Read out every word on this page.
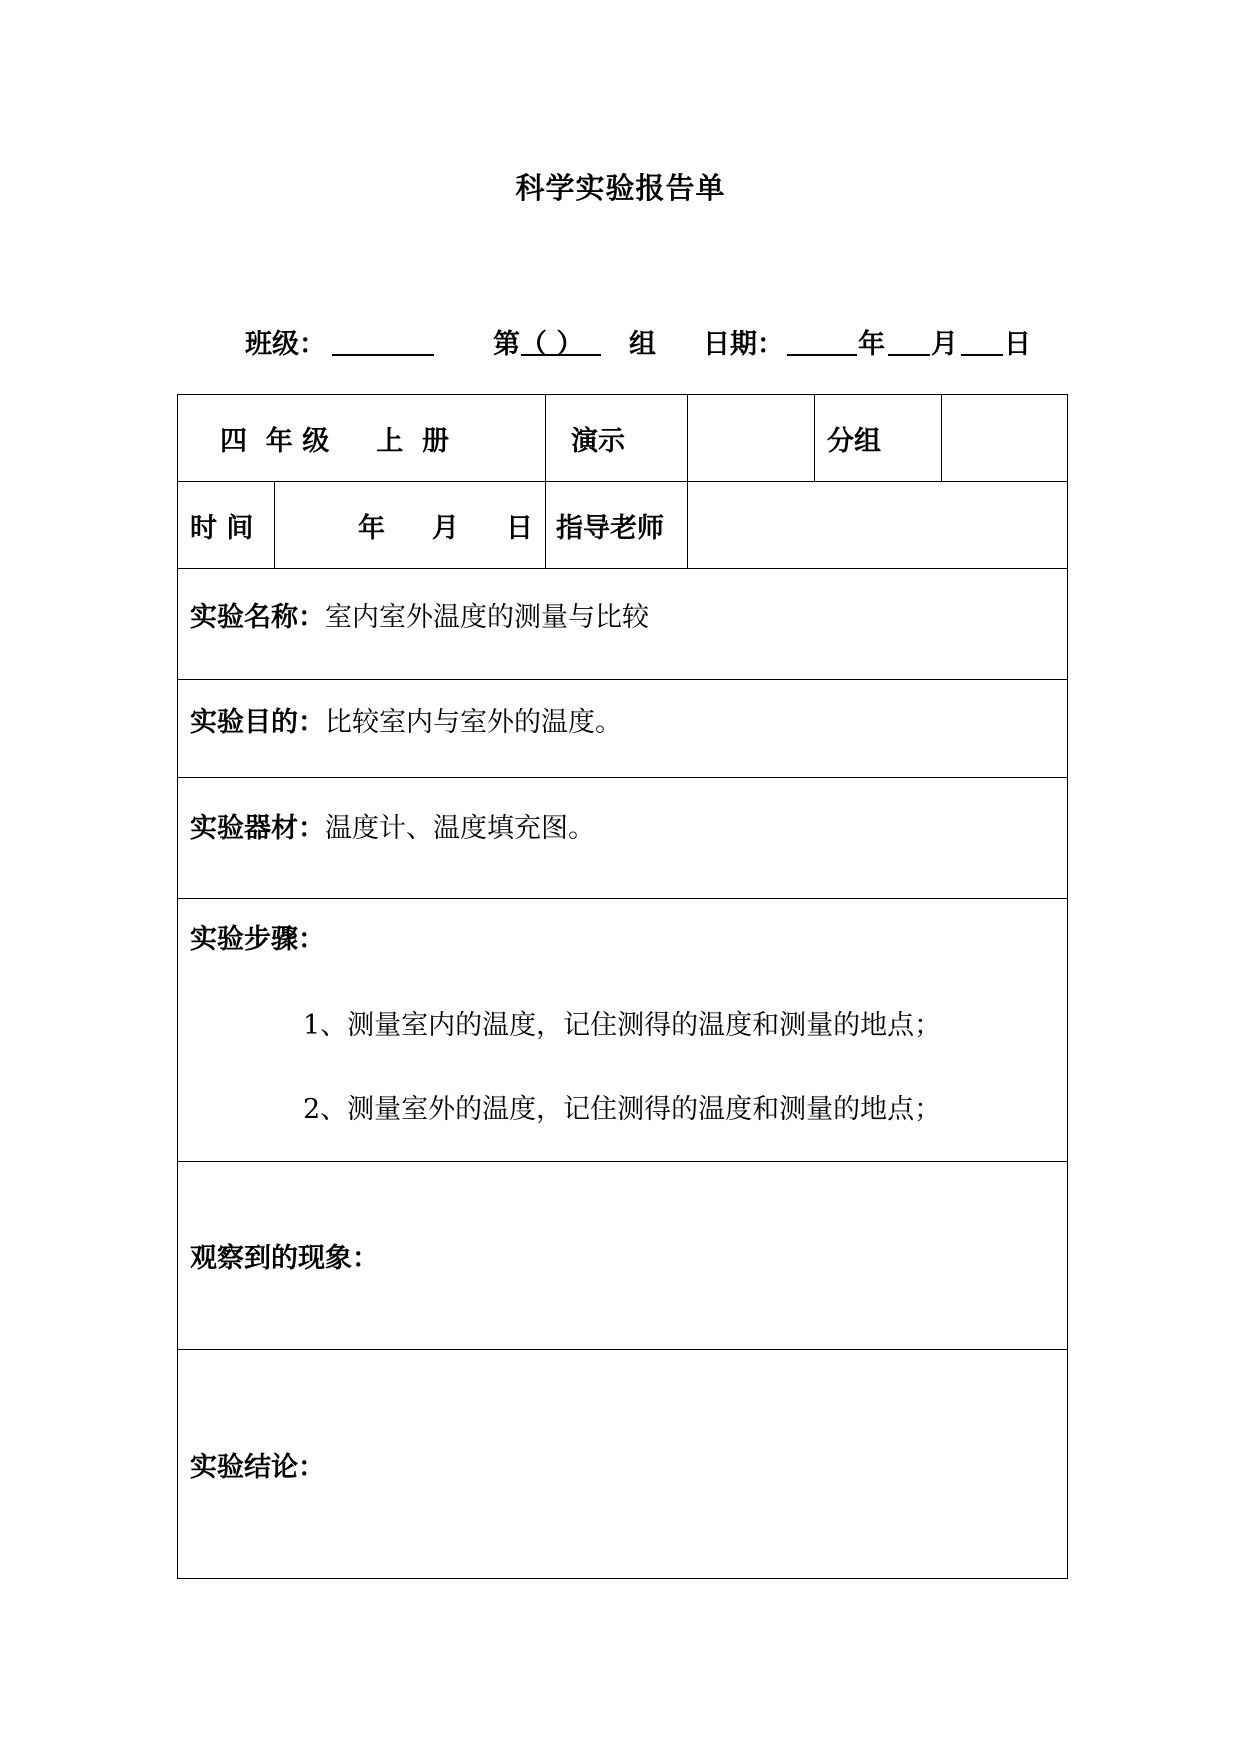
科学实验报告单
班级：	第 （ ） 组 日期：	年 月 日
四  年 级     上  册		演示		分组	
时 间	年     月     日	指导老师			
实验名称：室内室外温度的测量与比较					
实验目的：比较室内与室外的温度。					
实验器材：温度计、温度填充图。					

实验步骤：
1、测量室内的温度，记住测得的温度和测量的地点；
2、测量室外的温度，记住测得的温度和测量的地点；					

观察到的现象：					
实验结论：					
